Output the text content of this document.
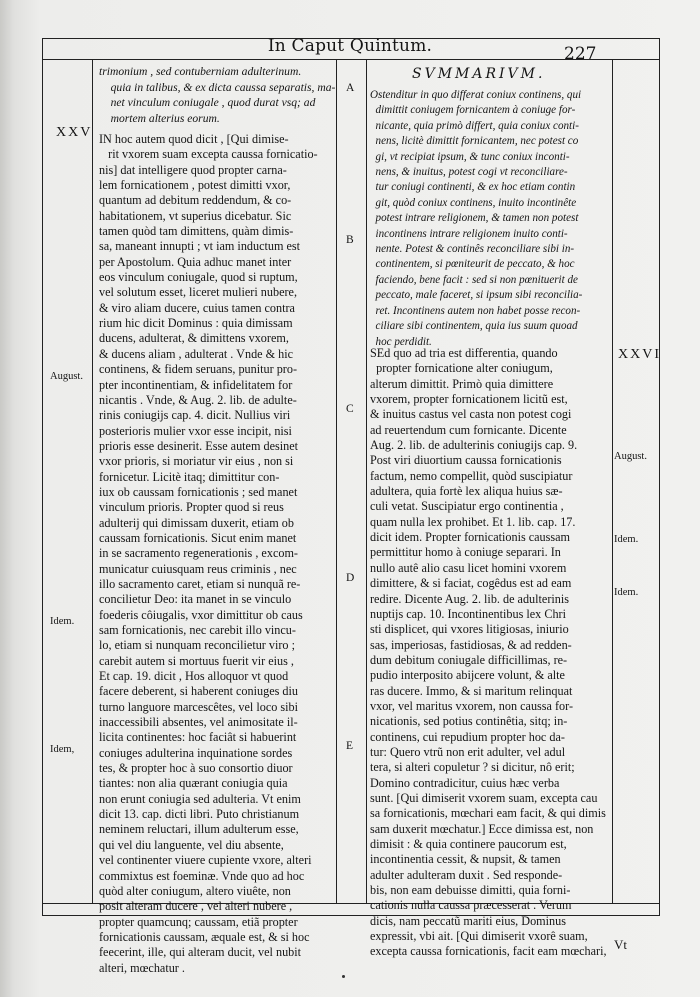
In Caput Quintum.	227
trimonium , sed contuberniam adulterinum.
quia in talibus, & ex dicta caussa separatis, ma-
net vinculum coniugale , quod durat vsq; ad
mortem alterius eorum.
IN hoc autem quod dicit , [Qui dimise-
rit vxorem suam excepta caussa fornicatio-
nis] dat intelligere quod propter carna-
lem fornicationem , potest dimitti vxor,
quantum ad debitum reddendum, & co-
habitationem, vt superius dicebatur. Sic
tamen quòd tam dimittens, quàm dimis-
sa, maneant innupti ; vt iam inductum est
per Apostolum. Quia adhuc manet inter
eos vinculum coniugale, quod si ruptum,
vel solutum esset, liceret mulieri nubere,
& viro aliam ducere, cuius tamen contra
rium hic dicit Dominus : quia dimissam
ducens, adulterat, & dimittens vxorem,
& ducens aliam , adulterat . Vnde & hic
continens, & fidem seruans, punitur pro-
pter incontinentiam, & infidelitatem for
nicantis . Vnde, & Aug. 2. lib. de adulte-
rinis coniugijs cap. 4. dicit. Nullius viri
posterioris mulier vxor esse incipit, nisi
prioris esse desinerit. Esse autem desinet
vxor prioris, si moriatur vir eius , non si
fornicetur. Licitè itaq; dimittitur con-
iux ob caussam fornicationis ; sed manet
vinculum prioris. Propter quod si reus
adulterij qui dimissam duxerit, etiam ob
caussam fornicationis. Sicut enim manet
in se sacramento regenerationis , excom-
municatur cuiusquam reus criminis , nec
illo sacramento caret, etiam si nunquã re-
concilietur Deo: ita manet in se vinculo
foederis côiugalis, vxor dimittitur ob caus
sam fornicationis, nec carebit illo vincu-
lo, etiam si nunquam reconcilietur viro ;
carebit autem si mortuus fuerit vir eius ,
Et cap. 19. dicit , Hos alloquor vt quod
facere deberent, si haberent coniuges diu
turno languore marcescêtes, vel loco sibi
inaccessibili absentes, vel animositate il-
licita continentes: hoc faciât si habuerint
coniuges adulterina inquinatione sordes
tes, & propter hoc à suo consortio diuor
tiantes: non alia quærant coniugia quia
non erunt coniugia sed adulteria. Vt enim
dicit 13. cap. dicti libri. Puto christianum
neminem reluctari, illum adulterum esse,
qui vel diu languente, vel diu absente,
vel continenter viuere cupiente vxore, alteri
commixtus est foeminæ. Vnde quo ad hoc
quòd alter coniugum, altero viuête, non
posit alteram ducere , vel alteri nubere ,
propter quamcunq; caussam, etiã propter
fornicationis caussam, æquale est, & si hoc
feecerint, ille, qui alteram ducit, vel nubit
alteri, mœchatur .
SVMMARIVM.
Ostenditur in quo differat coniux continens, qui
dimittit coniugem fornicantem à coniuge for-
nicante, quia primò differt, quia coniux conti-
nens, licitè dimittit fornicantem, nec potest co
gi, vt recipiat ipsum, & tunc coniux inconti-
nens, & inuitus, potest cogi vt reconciliare-
tur coniugi continenti, & ex hoc etiam contin
git, quòd coniux continens, inuito incontinête
potest intrare religionem, & tamen non potest
incontinens intrare religionem inuito conti-
nente. Potest & continês reconciliare sibi in-
continentem, si pœniteurit de peccato, & hoc
faciendo, bene facit : sed si non pœnituerit de
peccato, male faceret, si ipsum sibi reconcilia-
ret. Incontinens autem non habet posse recon-
ciliare sibi continentem, quia ius suum quoad
hoc perdidit.
SEd quo ad tria est differentia, quando
propter fornicatione alter coniugum,
alterum dimittit. Primò quia dimittere
vxorem, propter fornicationem licitũ est,
& inuitus castus vel casta non potest cogi
ad reuertendum cum fornicante. Dicente
Aug. 2. lib. de adulterinis coniugijs cap. 9.
Post viri diuortium caussa fornicationis
factum, nemo compellit, quòd suscipiatur
adultera, quia fortè lex aliqua huius sæ-
culi vetat. Suscipiatur ergo continentia ,
quam nulla lex prohibet. Et 1. lib. cap. 17.
dicit idem. Propter fornicationis caussam
permittitur homo à coniuge separari. In
nullo autê alio casu licet homini vxorem
dimittere, & si faciat, cogêdus est ad eam
redire. Dicente Aug. 2. lib. de adulterinis
nuptijs cap. 10. Incontinentibus lex Chri
sti displicet, qui vxores litigiosas, iniurio
sas, imperiosas, fastidiosas, & ad redden-
dum debitum coniugale difficillimas, re-
pudio interposito abijcere volunt, & alte
ras ducere. Immo, & si maritum relinquat
vxor, vel maritus vxorem, non caussa for-
nicationis, sed potius continêtia, sitq; in-
continens, cui repudium propter hoc da-
tur: Quero vtrũ non erit adulter, vel adul
tera, si alteri copuletur ? si dicitur, nô erit;
Domino contradicitur, cuius hæc verba
sunt. [Qui dimiserit vxorem suam, excepta cau
sa fornicationis, mœchari eam facit, & qui dimis
sam duxerit mœchatur.] Ecce dimissa est, non
dimisit : & quia continere paucorum est,
incontinentia cessit, & nupsit, & tamen
adulter adulteram duxit . Sed responde-
bis, non eam debuisse dimitti, quia forni-
cationis nulla caussa præcesserat . Verum
dicis, nam peccatũ mariti eius, Dominus
expressit, vbi ait. [Qui dimiserit vxorê suam,
excepta caussa fornicationis, facit eam mœchari,
XXV
August.
Idem.
Idem,
XXVI
August.
Idem.
Idem.
A
B
C
D
E
Vt
